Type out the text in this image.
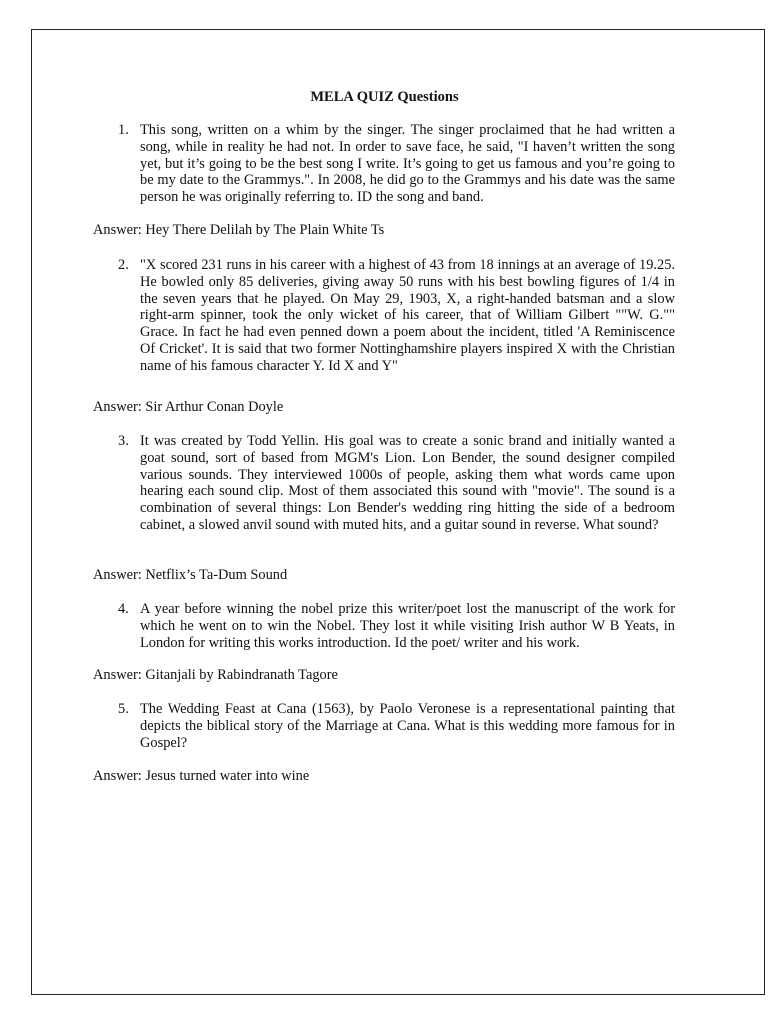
MELA QUIZ Questions
1. This song, written on a whim by the singer. The singer proclaimed that he had written a song, while in reality he had not. In order to save face, he said, "I haven’t written the song yet, but it’s going to be the best song I write. It’s going to get us famous and you’re going to be my date to the Grammys.". In 2008, he did go to the Grammys and his date was the same person he was originally referring to. ID the song and band.
Answer: Hey There Delilah by The Plain White Ts
2. "X scored 231 runs in his career with a highest of 43 from 18 innings at an average of 19.25. He bowled only 85 deliveries, giving away 50 runs with his best bowling figures of 1/4 in the seven years that he played. On May 29, 1903, X, a right-handed batsman and a slow right-arm spinner, took the only wicket of his career, that of William Gilbert ""W. G."" Grace. In fact he had even penned down a poem about the incident, titled 'A Reminiscence Of Cricket'. It is said that two former Nottinghamshire players inspired X with the Christian name of his famous character Y. Id X and Y"
Answer: Sir Arthur Conan Doyle
3. It was created by Todd Yellin. His goal was to create a sonic brand and initially wanted a goat sound, sort of based from MGM's Lion. Lon Bender, the sound designer compiled various sounds. They interviewed 1000s of people, asking them what words came upon hearing each sound clip. Most of them associated this sound with "movie". The sound is a combination of several things: Lon Bender's wedding ring hitting the side of a bedroom cabinet, a slowed anvil sound with muted hits, and a guitar sound in reverse. What sound?
Answer: Netflix’s Ta-Dum Sound
4. A year before winning the nobel prize this writer/poet lost the manuscript of the work for which he went on to win the Nobel. They lost it while visiting Irish author W B Yeats, in London for writing this works introduction. Id the poet/ writer and his work.
Answer: Gitanjali by Rabindranath Tagore
5. The Wedding Feast at Cana (1563), by Paolo Veronese is a representational painting that depicts the biblical story of the Marriage at Cana. What is this wedding more famous for in Gospel?
Answer: Jesus turned water into wine
